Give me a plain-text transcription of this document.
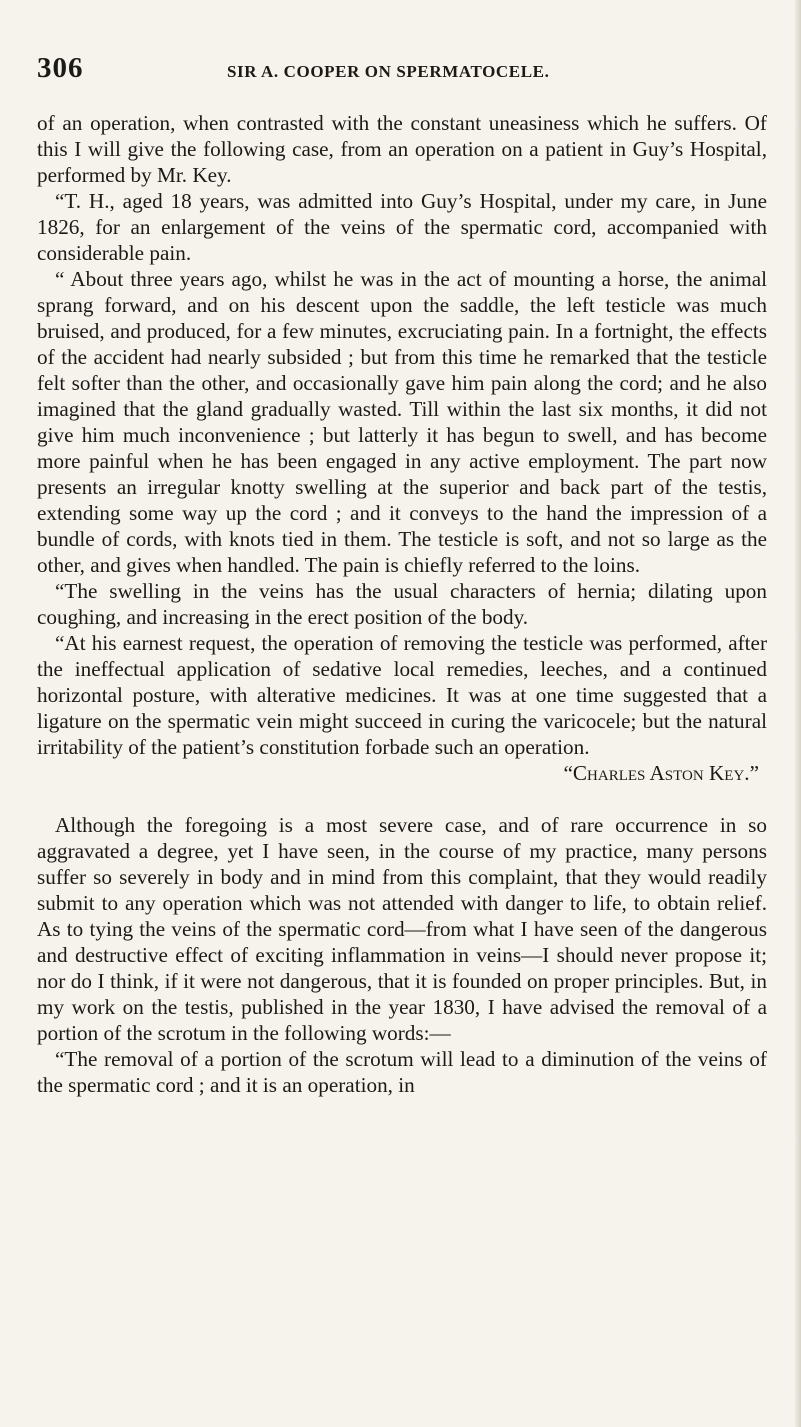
306	SIR A. COOPER ON SPERMATOCELE.

of an operation, when contrasted with the constant uneasiness which he suffers. Of this I will give the following case, from an operation on a patient in Guy’s Hospital, performed by Mr. Key.

“T. H., aged 18 years, was admitted into Guy’s Hospital, under my care, in June 1826, for an enlargement of the veins of the spermatic cord, accompanied with considerable pain.

“ About three years ago, whilst he was in the act of mounting a horse, the animal sprang forward, and on his descent upon the saddle, the left testicle was much bruised, and produced, for a few minutes, excruciating pain. In a fortnight, the effects of the accident had nearly subsided ; but from this time he remarked that the testicle felt softer than the other, and occasionally gave him pain along the cord; and he also imagined that the gland gradually wasted. Till within the last six months, it did not give him much inconvenience ; but latterly it has begun to swell, and has become more painful when he has been engaged in any active employment. The part now presents an irregular knotty swelling at the superior and back part of the testis, extending some way up the cord ; and it conveys to the hand the impression of a bundle of cords, with knots tied in them. The testicle is soft, and not so large as the other, and gives when handled. The pain is chiefly referred to the loins.

“The swelling in the veins has the usual characters of hernia; dilating upon coughing, and increasing in the erect position of the body.

“At his earnest request, the operation of removing the testicle was performed, after the ineffectual application of sedative local remedies, leeches, and a continued horizontal posture, with alterative medicines. It was at one time suggested that a ligature on the spermatic vein might succeed in curing the varicocele; but the natural irritability of the patient’s constitution forbade such an operation.

“Charles Aston Key.”

Although the foregoing is a most severe case, and of rare occurrence in so aggravated a degree, yet I have seen, in the course of my practice, many persons suffer so severely in body and in mind from this complaint, that they would readily submit to any operation which was not attended with danger to life, to obtain relief. As to tying the veins of the spermatic cord—from what I have seen of the dangerous and destructive effect of exciting inflammation in veins—I should never propose it; nor do I think, if it were not dangerous, that it is founded on proper principles. But, in my work on the testis, published in the year 1830, I have advised the removal of a portion of the scrotum in the following words:—

“The removal of a portion of the scrotum will lead to a diminution of the veins of the spermatic cord ; and it is an operation, in
